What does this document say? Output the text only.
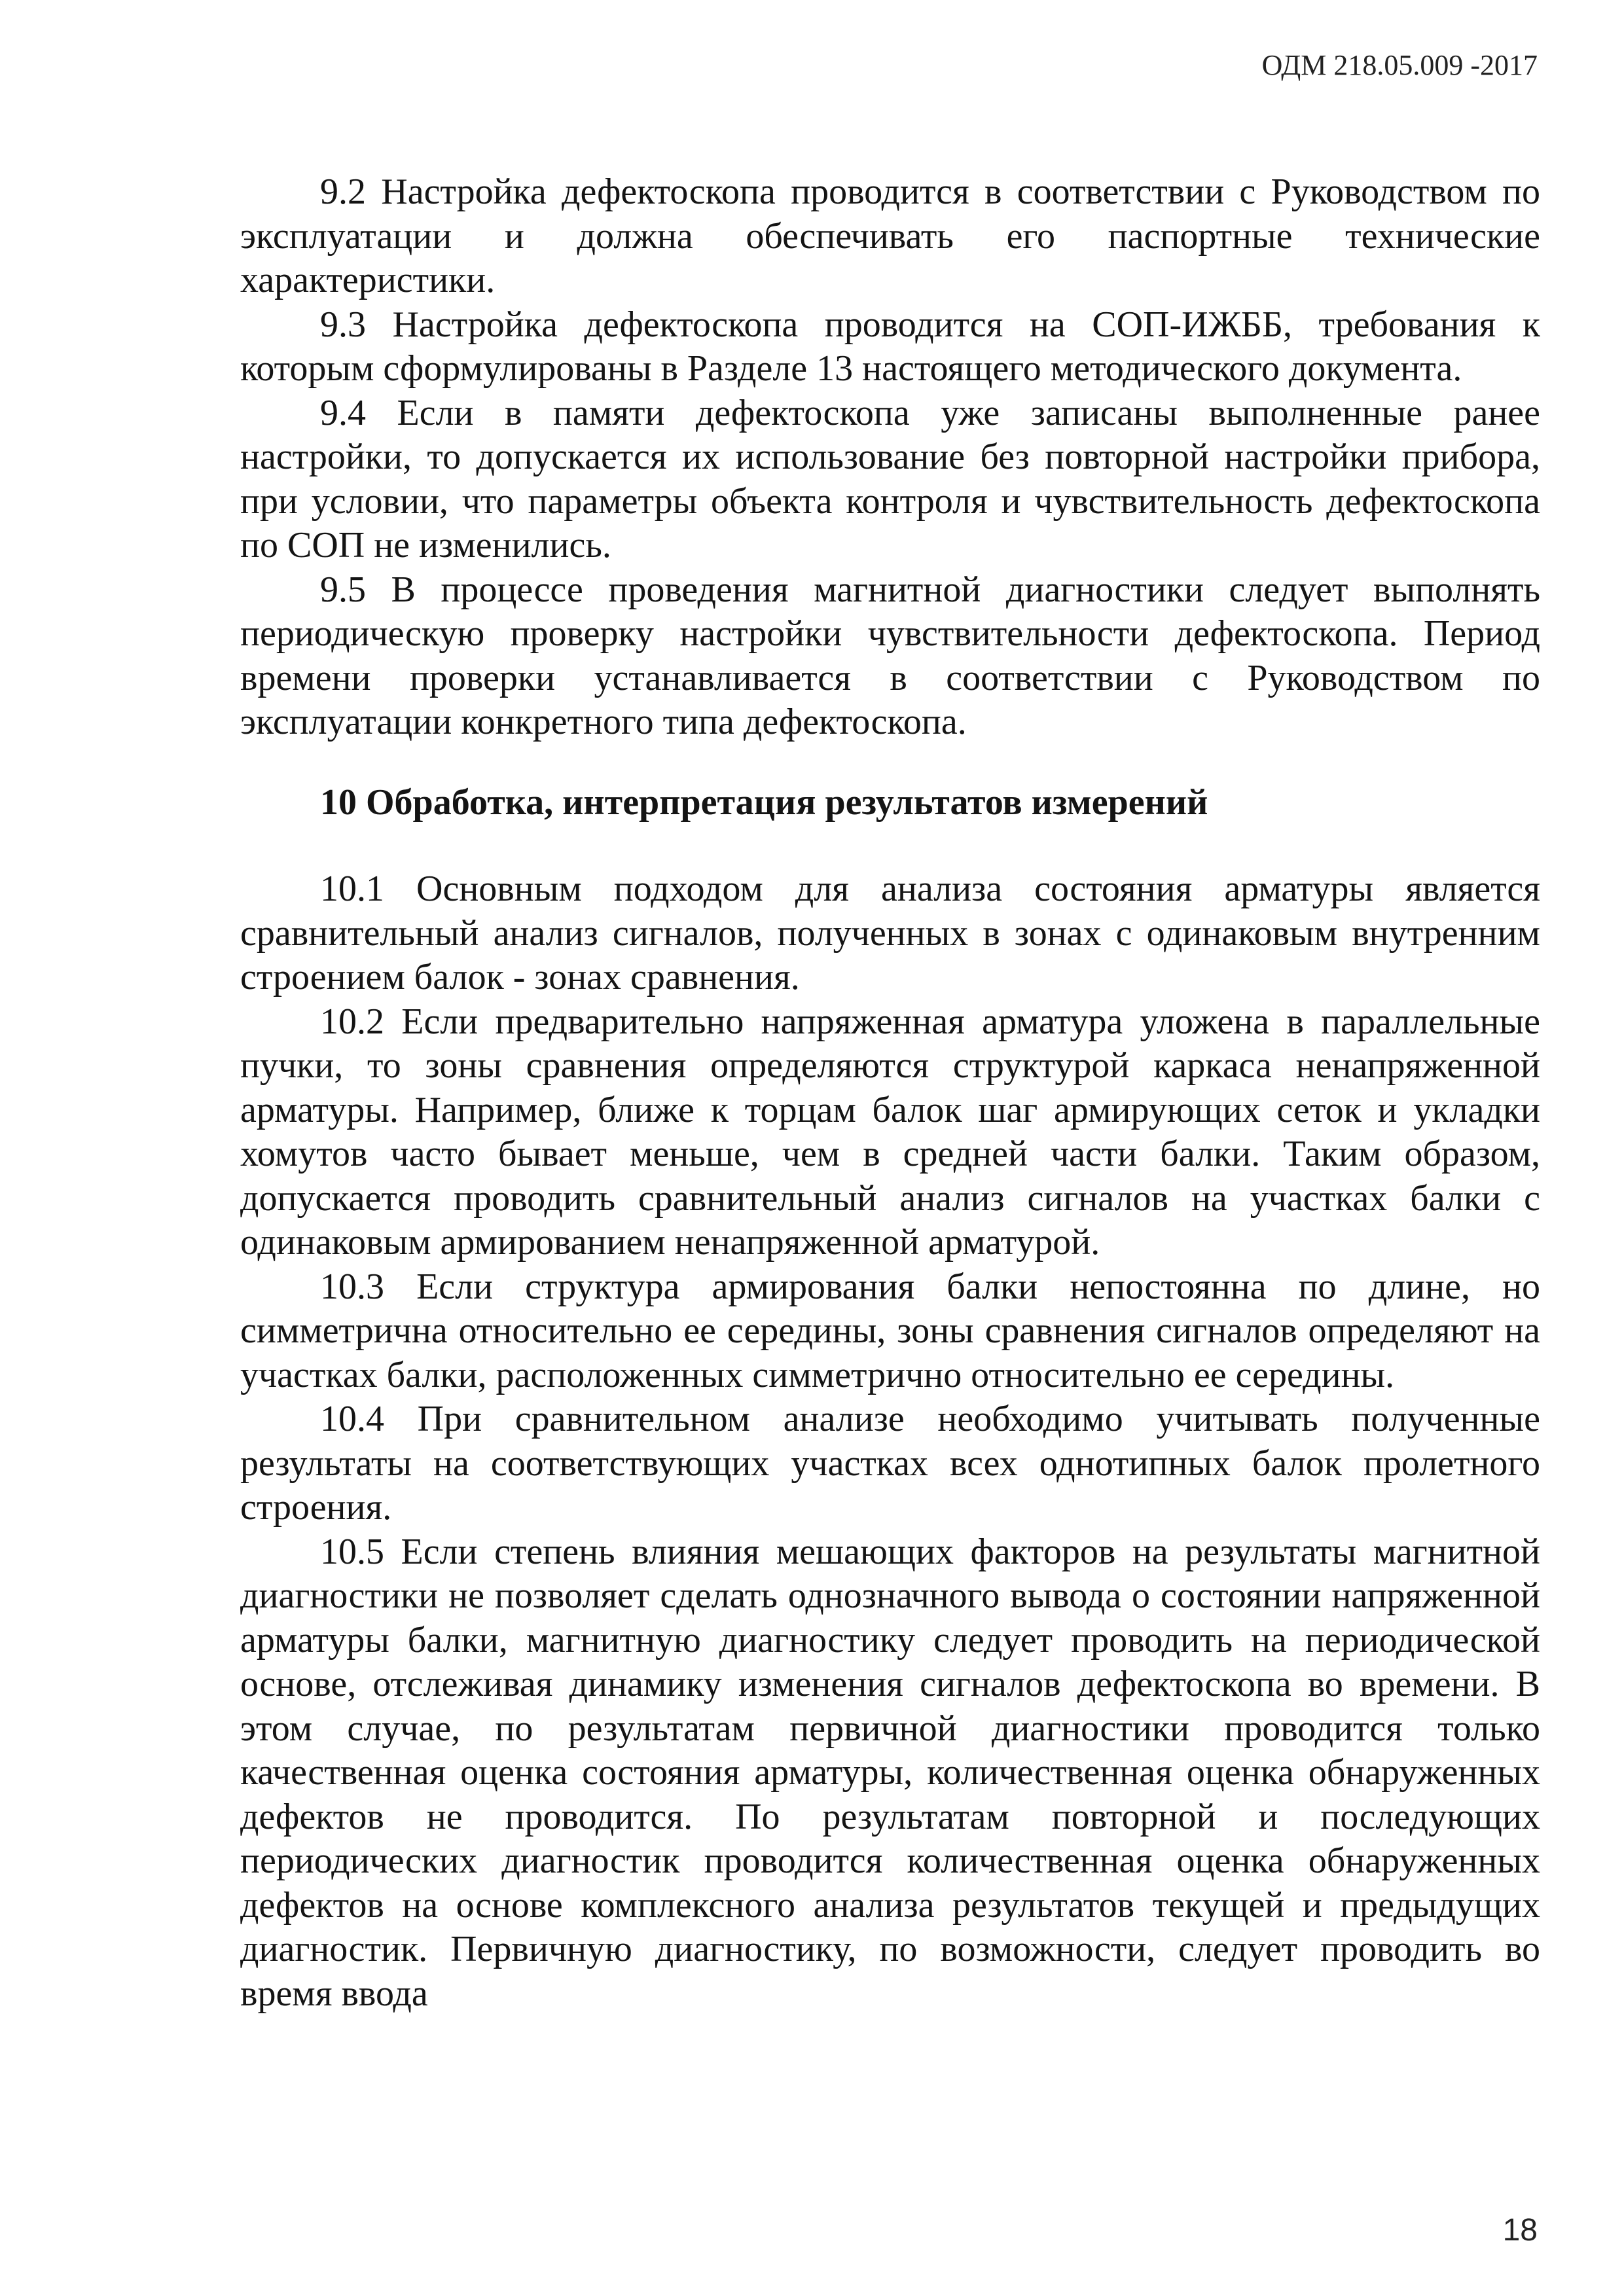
ОДМ 218.05.009 -2017

9.2 Настройка дефектоскопа проводится в соответствии с Руководством по эксплуатации и должна обеспечивать его паспортные технические характеристики.

9.3 Настройка дефектоскопа проводится на СОП-ИЖББ, требования к которым сформулированы в Разделе 13 настоящего методического документа.

9.4 Если в памяти дефектоскопа уже записаны выполненные ранее настройки, то допускается их использование без повторной настройки прибора, при условии, что параметры объекта контроля и чувствительность дефектоскопа по СОП не изменились.

9.5 В процессе проведения магнитной диагностики следует выполнять периодическую проверку настройки чувствительности дефектоскопа. Период времени проверки устанавливается в соответствии с Руководством по эксплуатации конкретного типа дефектоскопа.

10 Обработка, интерпретация результатов измерений

10.1 Основным подходом для анализа состояния арматуры является сравнительный анализ сигналов, полученных в зонах с одинаковым внутренним строением балок - зонах сравнения.

10.2 Если предварительно напряженная арматура уложена в параллельные пучки, то зоны сравнения определяются структурой каркаса ненапряженной арматуры. Например, ближе к торцам балок шаг армирующих сеток и укладки хомутов часто бывает меньше, чем в средней части балки. Таким образом, допускается проводить сравнительный анализ сигналов на участках балки с одинаковым армированием ненапряженной арматурой.

10.3 Если структура армирования балки непостоянна по длине, но симметрична относительно ее середины, зоны сравнения сигналов определяют на участках балки, расположенных симметрично относительно ее середины.

10.4 При сравнительном анализе необходимо учитывать полученные результаты на соответствующих участках всех однотипных балок пролетного строения.

10.5 Если степень влияния мешающих факторов на результаты магнитной диагностики не позволяет сделать однозначного вывода о состоянии напряженной арматуры балки, магнитную диагностику следует проводить на периодической основе, отслеживая динамику изменения сигналов дефектоскопа во времени. В этом случае, по результатам первичной диагностики проводится только качественная оценка состояния арматуры, количественная оценка обнаруженных дефектов не проводится. По результатам повторной и последующих периодических диагностик проводится количественная оценка обнаруженных дефектов на основе комплексного анализа результатов текущей и предыдущих диагностик. Первичную диагностику, по возможности, следует проводить во время ввода

18
